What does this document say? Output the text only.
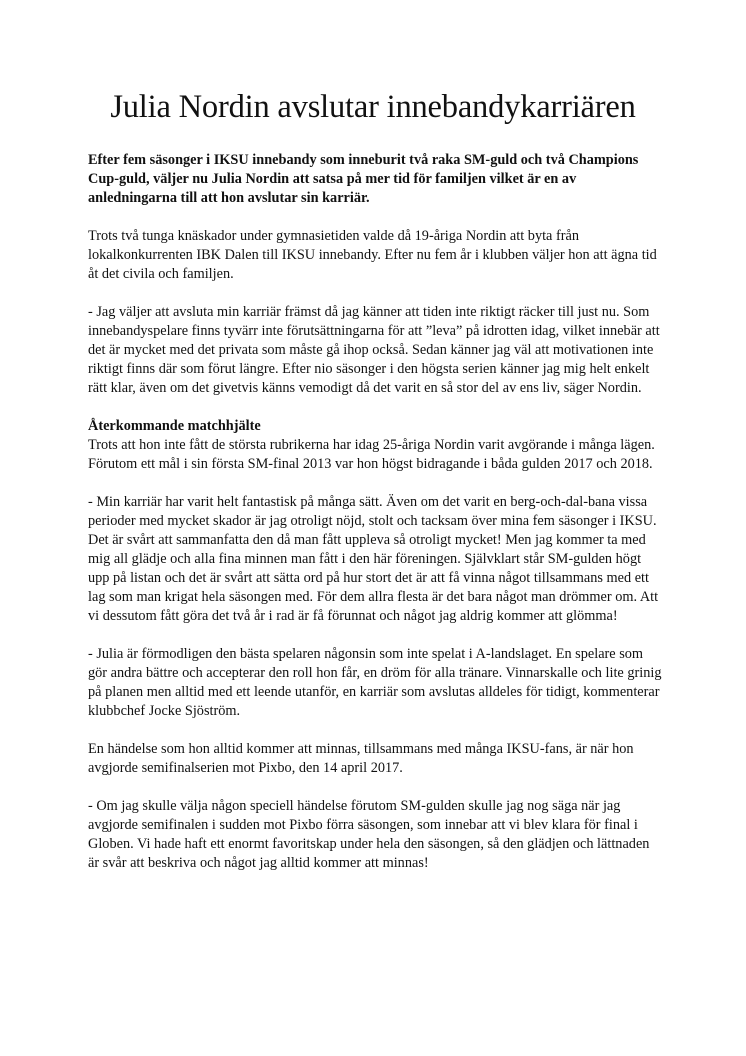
Julia Nordin avslutar innebandykarriären

Efter fem säsonger i IKSU innebandy som inneburit två raka SM-guld och två Champions Cup-guld, väljer nu Julia Nordin att satsa på mer tid för familjen vilket är en av anledningarna till att hon avslutar sin karriär.

Trots två tunga knäskador under gymnasietiden valde då 19-åriga Nordin att byta från lokalkonkurrenten IBK Dalen till IKSU innebandy. Efter nu fem år i klubben väljer hon att ägna tid åt det civila och familjen.

- Jag väljer att avsluta min karriär främst då jag känner att tiden inte riktigt räcker till just nu. Som innebandyspelare finns tyvärr inte förutsättningarna för att ”leva” på idrotten idag, vilket innebär att det är mycket med det privata som måste gå ihop också. Sedan känner jag väl att motivationen inte riktigt finns där som förut längre. Efter nio säsonger i den högsta serien känner jag mig helt enkelt rätt klar, även om det givetvis känns vemodigt då det varit en så stor del av ens liv, säger Nordin.

Återkommande matchhjälte
Trots att hon inte fått de största rubrikerna har idag 25-åriga Nordin varit avgörande i många lägen. Förutom ett mål i sin första SM-final 2013 var hon högst bidragande i båda gulden 2017 och 2018.

- Min karriär har varit helt fantastisk på många sätt. Även om det varit en berg-och-dal-bana vissa perioder med mycket skador är jag otroligt nöjd, stolt och tacksam över mina fem säsonger i IKSU. Det är svårt att sammanfatta den då man fått uppleva så otroligt mycket! Men jag kommer ta med mig all glädje och alla fina minnen man fått i den här föreningen. Självklart står SM-gulden högt upp på listan och det är svårt att sätta ord på hur stort det är att få vinna något tillsammans med ett lag som man krigat hela säsongen med. För dem allra flesta är det bara något man drömmer om. Att vi dessutom fått göra det två år i rad är få förunnat och något jag aldrig kommer att glömma!

- Julia är förmodligen den bästa spelaren någonsin som inte spelat i A-landslaget. En spelare som gör andra bättre och accepterar den roll hon får, en dröm för alla tränare. Vinnarskalle och lite grinig på planen men alltid med ett leende utanför, en karriär som avslutas alldeles för tidigt, kommenterar klubbchef Jocke Sjöström.

En händelse som hon alltid kommer att minnas, tillsammans med många IKSU-fans, är när hon avgjorde semifinalserien mot Pixbo, den 14 april 2017.

- Om jag skulle välja någon speciell händelse förutom SM-gulden skulle jag nog säga när jag avgjorde semifinalen i sudden mot Pixbo förra säsongen, som innebar att vi blev klara för final i Globen. Vi hade haft ett enormt favoritskap under hela den säsongen, så den glädjen och lättnaden är svår att beskriva och något jag alltid kommer att minnas!
